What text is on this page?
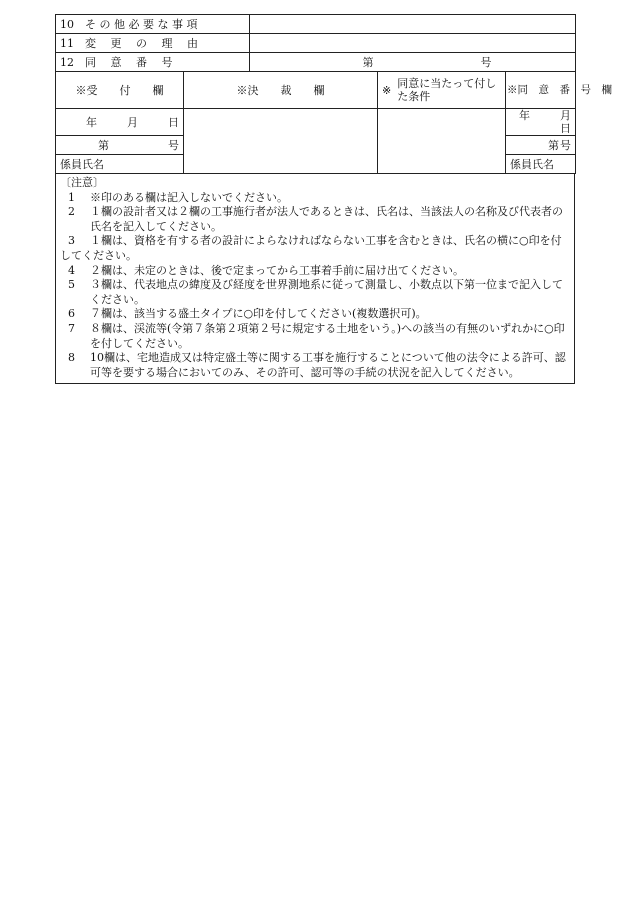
10　そ の 他 必 要 な 事 項				
11　変　 更　 の　 理　 由				
12　同　 意　 番　 号		第 号		
※受　　付　　欄	※決　　裁　　欄		※ 同意に当たって付した条件	※同　意　番　号　欄
年 月 日				年 月日
第 号				第 号

係員氏名				係員氏名
〔注意〕
1 ※印のある欄は記入しないでください。
2 １欄の設計者又は２欄の工事施行者が法人であるときは、氏名は、当該法人の名称及び代表者の氏名を記入してください。
3 １欄は、資格を有する者の設計によらなければならない工事を含むときは、氏名の横に○印を付してください。
4 ２欄は、未定のときは、後で定まってから工事着手前に届け出てください。
5 ３欄は、代表地点の緯度及び経度を世界測地系に従って測量し、小数点以下第一位まで記入してください。
6 ７欄は、該当する盛土タイプに○印を付してください(複数選択可)。
7 ８欄は、渓流等(令第７条第２項第２号に規定する土地をいう。)への該当の有無のいずれかに○印を付してください。
8 10欄は、宅地造成又は特定盛土等に関する工事を施行することについて他の法令による許可、認可等を要する場合においてのみ、その許可、認可等の手続の状況を記入してください。
